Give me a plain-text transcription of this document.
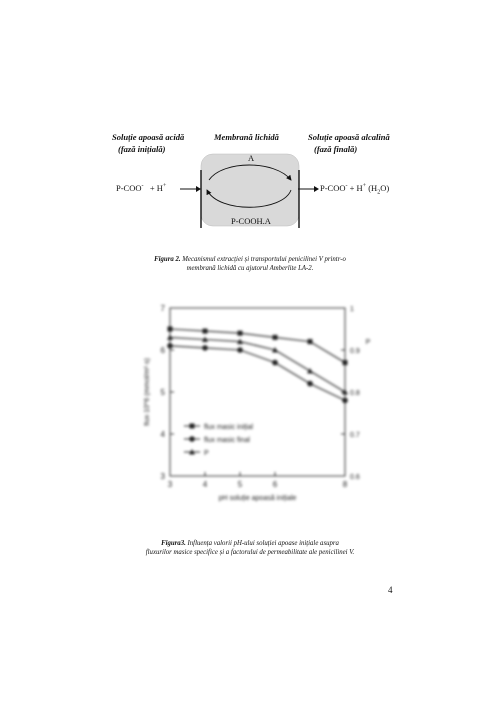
Soluție apoasă acidă
(fază inițială)
Membrană lichidă	Soluție apoasă alcalină
(fază finală)
A
P-COOH.A
P-COO- + H+	P-COO- + H+ $(H_2O)$
Figura 2. Mecanismul extracției și transportului penicilinei V printr-o
membrană lichidă cu ajutorul Amberlite LA-2.
3	4	5	6	8
3
4
5
6
7
0.6
0.7
0.8
0.9
1
pH soluție apoasă inițiale
flux·10^6 (mmol/m²·s)
P
flux masic inițial
flux masic final
P
Figura3. Influența valorii pH-ului soluției apoase inițiale asupra
fluxurilor masice specifice și a factorului de permeabilitate ale penicilinei V.
4
